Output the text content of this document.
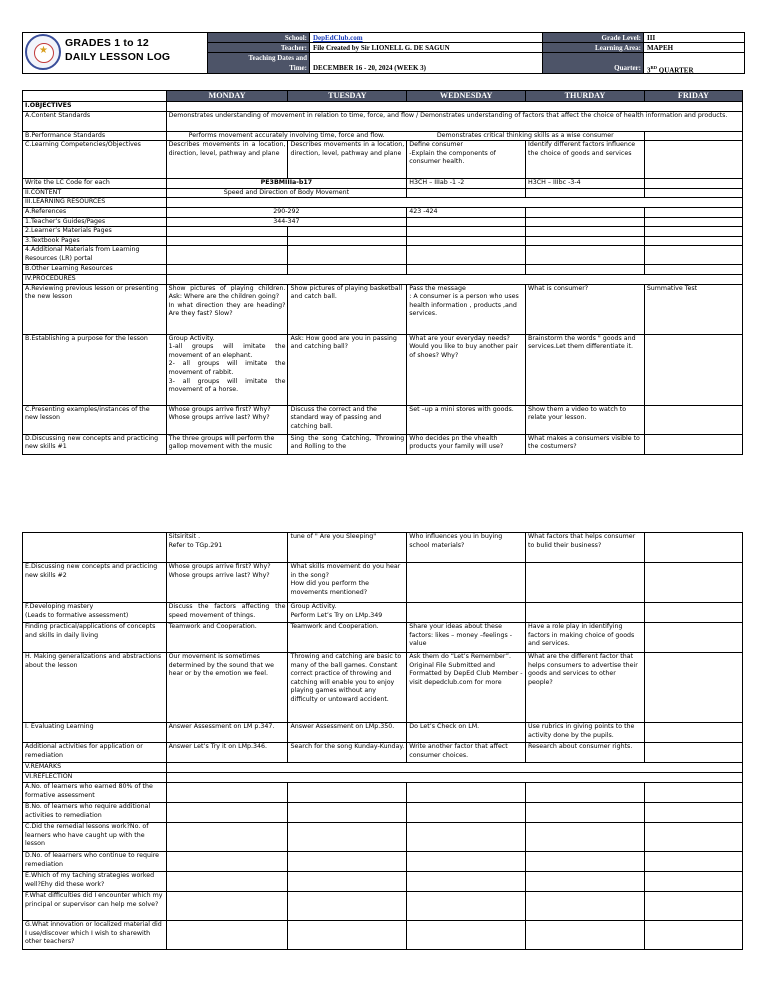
★
GRADES 1 to 12
DAILY LESSON LOG
School: DepEdClub.com
Teacher: File Created by Sir LIONELL G. DE SAGUN
Teaching Dates and
Time: DECEMBER 16 - 20, 2024 (WEEK 3)
Grade Level: III
Learning Area: MAPEH
Quarter: 3RD QUARTER
	MONDAY	TUESDAY	WEDNESDAY	THURDAY	FRIDAY
I.OBJECTIVES					
A.Content Standards	Demonstrates understanding of movement in relation to time, force, and flow / Demonstrates understanding of factors that affect the choice of health information and products.				
B.Performance Standards	Performs movement accurately involving time, force and flow.		Demonstrates critical thinking skills as a wise consumer		
C.Learning Competencies/Objectives	Describes movements in a location, direction, level, pathway and plane	Describes movements in a location, direction, level, pathway and plane	Define consumer
-Explain the components of consumer health.	Identify different factors influence the choice of goods and services	
Write the LC Code for each	PE3BMIIIa-b17		H3CH – IIIab -1 -2	H3CH – IIIbc -3-4	
II.CONTENT	Speed and Direction of Body Movement				
III.LEARNING RESOURCES					
A.References	290-292		423 -424		
1.Teacher’s Guides/Pages	344-347				
2.Learner’s Materials Pages					
3.Textbook Pages					
4.Additional Materials from Learning Resources (LR) portal					
B.Other Learning Resources					
IV.PROCEDURES					
A.Reviewing previous lesson or presenting the new lesson	Show pictures of playing children. Ask: Where are the children going?
In what direction they are heading? Are they fast? Slow?	Show pictures of playing basketball and catch ball.	Pass the message
: A consumer is a person who uses health information , products ,and services.	What is consumer?	Summative Test
B.Establishing a purpose for the lesson	Group Activity.
1-all groups will imitate the movement of an elephant.
2- all groups will imitate the movement of rabbit.
3- all groups will imitate the movement of a horse.	Ask: How good are you in passing and catching ball?	What are your everyday needs? Would you like to buy another pair of shoes? Why?	Brainstorm the words " goods and services.Let them differentiate it.	
C.Presenting examples/instances of the new lesson	Whose groups arrive first? Why? Whose groups arrive last? Why?	Discuss the correct and the standard way of passing and catching ball.	Set –up a mini stores with goods.	Show them a video to watch to relate your lesson.	
D.Discussing new concepts and practicing new skills #1	The three groups will perform the gallop movement with the music	Sing the song Catching, Throwing and Rolling to the	Who decides pn the vhealth products your family will use?	What makes a consumers visible to the costumers?	
	Sitsiritsit .
Refer to TGp.291	tune of " Are you Sleeping"	Who influences you in buying school materials?	What factors that helps consumer to bulid their business?	
E.Discussing new concepts and practicing new skills #2	Whose groups arrive first? Why? Whose groups arrive last? Why?	What skills movement do you hear in the song?
How did you perform the movements mentioned?			
F.Developing mastery
(Leads to formative assessment)	Discuss the factors affecting the speed movement of things.	Group Activity.
Perform Let’s Try on LMp.349			
Finding practical/applications of concepts and skills in daily living	Teamwork and Cooperation.	Teamwork and Cooperation.	Share your ideas about these factors: likes – money –feelings -value	Have a role play in identifying factors in making choice of goods and services.	
H. Making generalizations and abstractions about the lesson	Our movement is sometimes determined by the sound that we hear or by the emotion we feel.	Throwing and catching are basic to many of the ball games. Constant correct practice of throwing and catching will enable you to enjoy playing games without any difficulty or untoward accident.	Ask them do “Let’s Remember”.
Original File Submitted and Formatted by DepEd Club Member - visit depedclub.com for more	What are the different factor that helps consumers to advertise their goods and services to other people?	
I. Evaluating Learning	Answer Assessment on LM p.347.	Answer Assessment on LMp.350.	Do Let’s Check on LM.	Use rubrics in giving points to the activity done by the pupils.	
Additional activities for application or remediation	Answer Let’s Try it on LMp.346.	Search for the song Kunday-Kunday.	Write another factor that affect consumer choices.	Research about consumer rights.	
V.REMARKS					
VI.REFLECTION					
A.No. of learners who earned 80% of the formative assessment					
B.No. of learners who require additional activities to remediation					
C.Did the remedial lessons work?No. of learners who have caught up with the lesson					
D.No. of leaarners who continue to require remediation					
E.Which of my taching strategies worked well?Ehy did these work?					
F.What difficulties did I encounter which my principal or supervisor can help me solve?					
G.What innovation or localized material did I use/discover which I wish to sharewith other teachers?					
